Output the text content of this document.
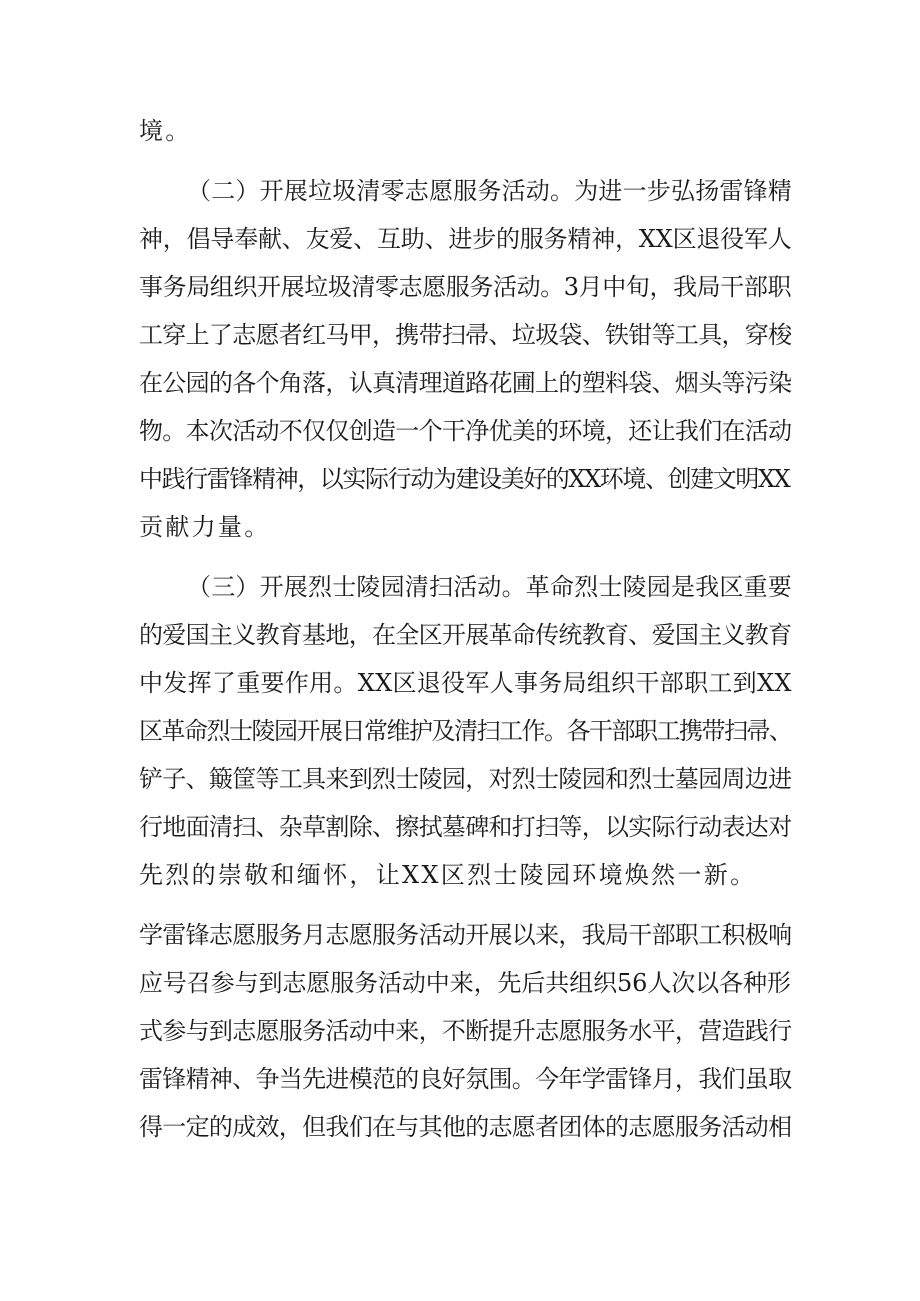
境。
（二）开展垃圾清零志愿服务活动。为进一步弘扬雷锋精
神，倡导奉献、友爱、互助、进步的服务精神，XX区退役军人
事务局组织开展垃圾清零志愿服务活动。3月中旬，我局干部职
工穿上了志愿者红马甲，携带扫帚、垃圾袋、铁钳等工具，穿梭
在公园的各个角落，认真清理道路花圃上的塑料袋、烟头等污染
物。本次活动不仅仅创造一个干净优美的环境，还让我们在活动
中践行雷锋精神，以实际行动为建设美好的XX环境、创建文明XX
贡献力量。
（三）开展烈士陵园清扫活动。革命烈士陵园是我区重要
的爱国主义教育基地，在全区开展革命传统教育、爱国主义教育
中发挥了重要作用。XX区退役军人事务局组织干部职工到XX
区革命烈士陵园开展日常维护及清扫工作。各干部职工携带扫帚、
铲子、簸筐等工具来到烈士陵园，对烈士陵园和烈士墓园周边进
行地面清扫、杂草割除、擦拭墓碑和打扫等，以实际行动表达对
先烈的崇敬和缅怀，让XX区烈士陵园环境焕然一新。
学雷锋志愿服务月志愿服务活动开展以来，我局干部职工积极响
应号召参与到志愿服务活动中来，先后共组织56人次以各种形
式参与到志愿服务活动中来，不断提升志愿服务水平，营造践行
雷锋精神、争当先进模范的良好氛围。今年学雷锋月，我们虽取
得一定的成效，但我们在与其他的志愿者团体的志愿服务活动相
